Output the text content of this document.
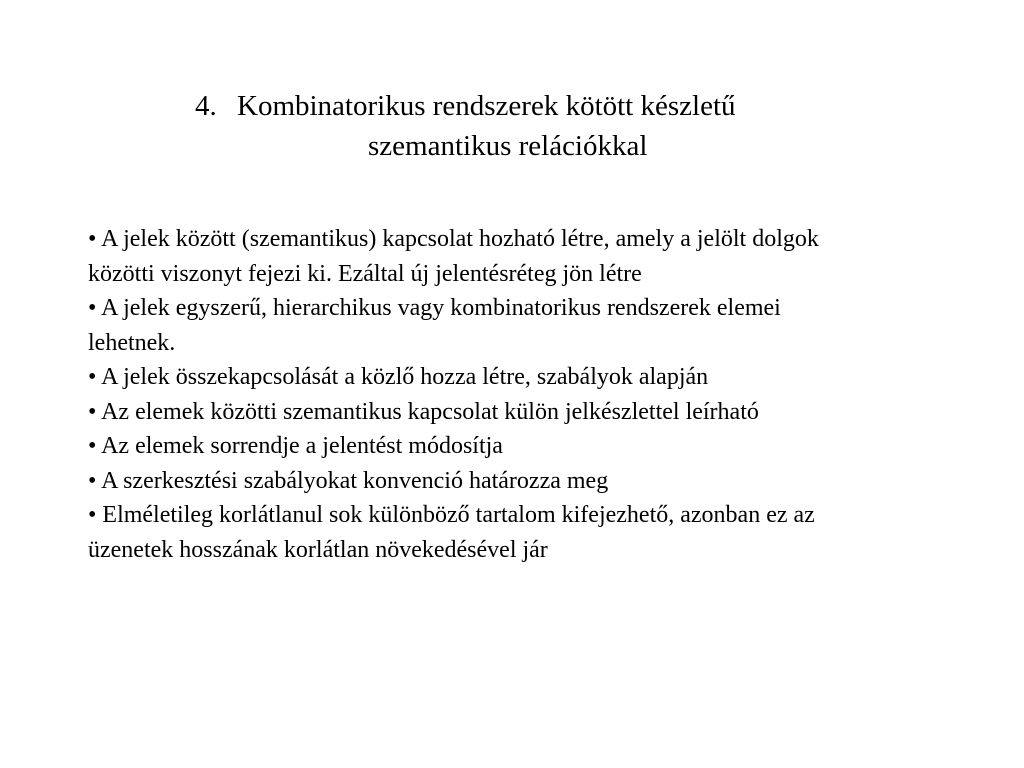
4. Kombinatorikus rendszerek kötött készletű
szemantikus relációkkal

• A jelek között (szemantikus) kapcsolat hozható létre, amely a jelölt dolgok közötti viszonyt fejezi ki. Ezáltal új jelentésréteg jön létre

• A jelek egyszerű, hierarchikus vagy kombinatorikus rendszerek elemei lehetnek.

• A jelek összekapcsolását a közlő hozza létre, szabályok alapján

• Az elemek közötti szemantikus kapcsolat külön jelkészlettel leírható

• Az elemek sorrendje a jelentést módosítja

• A szerkesztési szabályokat konvenció határozza meg

• Elméletileg korlátlanul sok különböző tartalom kifejezhető, azonban ez az üzenetek hosszának korlátlan növekedésével jár
